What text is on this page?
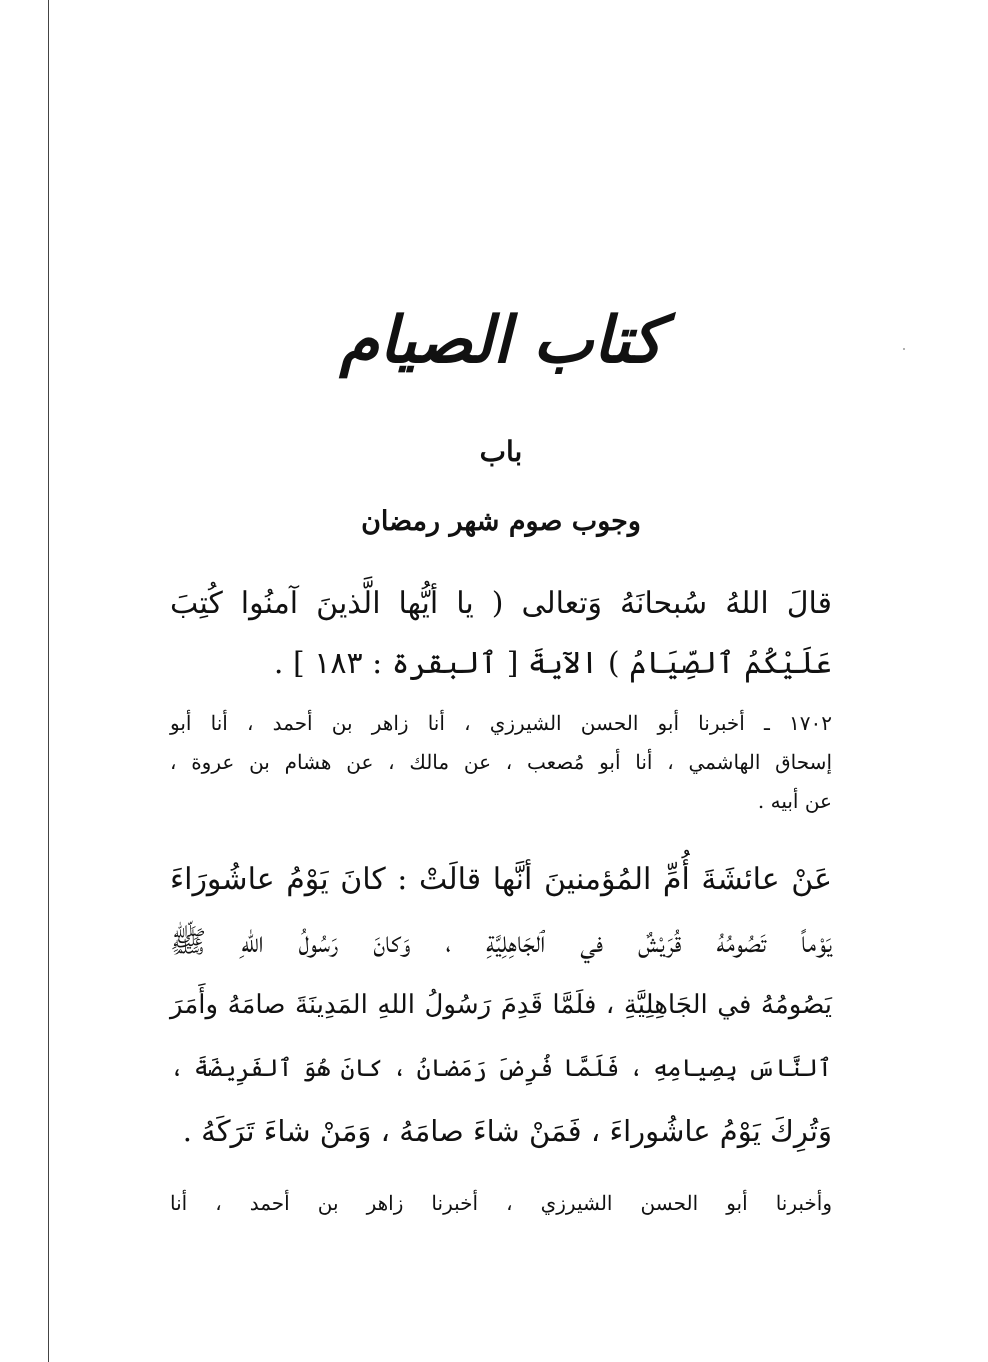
كتاب الصيام
باب
وجوب صوم شهر رمضان
قالَ اللهُ سُبحانَهُ وَتعالى ( يا أيُّها الَّذينَ آمنُوا كُتِبَ
عَلَيْكُمُ ٱلصِّيَامُ ) الآيةَ [ ٱلبقرة : ١٨٣ ] .
١٧٠٢ ـ أخبرنا أبو الحسن الشيرزي ، أنا زاهر بن أحمد ، أنا أبو
إسحاق الهاشمي ، أنا أبو مُصعب ، عن مالك ، عن هشام بن عروة ،
عن أبيه .
عَنْ عائشَةَ أُمِّ المُؤمنينَ أنَّها قالَتْ : كانَ يَوْمُ عاشُورَاءَ
يَوْماً تَصُومُهُ قُرَيْشٌ في ٱلجَاهِلِيَّةِ ، وَكانَ رَسُولُ اللهِ ﷺ
يَصُومُهُ في الجَاهِلِيَّةِ ، فلَمَّا قَدِمَ رَسُولُ اللهِ المَدِينَةَ صامَهُ وأَمَرَ
ٱلنَّاسَ بِصِيامِهِ ، فَلَمَّا فُرِضَ رَمَضانُ ، كانَ هُوَ ٱلفَرِيضَةَ ،
وَتُرِكَ يَوْمُ عاشُوراءَ ، فَمَنْ شاءَ صامَهُ ، وَمَنْ شاءَ تَرَكَهُ .
وأخبرنا أبو الحسن الشيرزي ، أخبرنا زاهر بن أحمد ، أنا
